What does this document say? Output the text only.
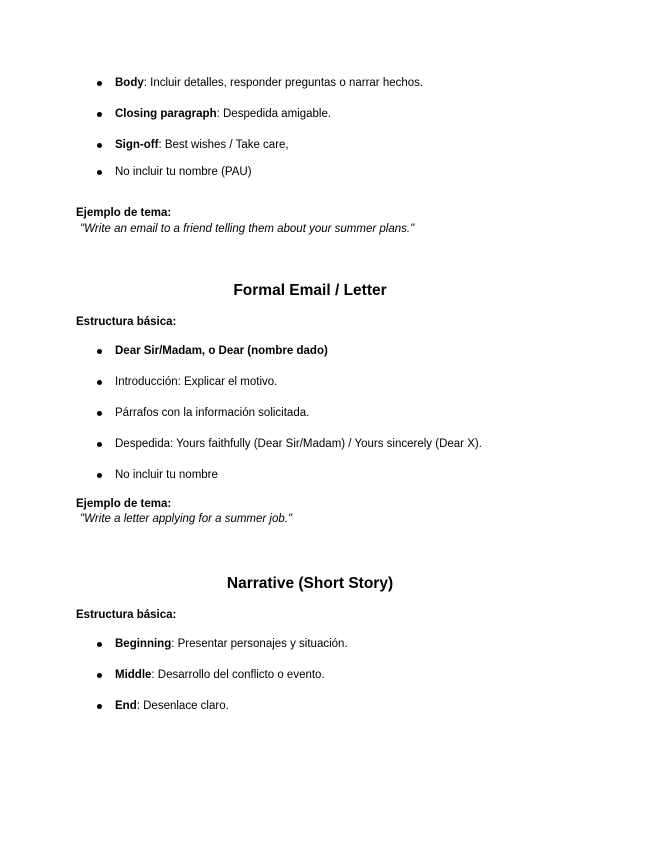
Body: Incluir detalles, responder preguntas o narrar hechos.
Closing paragraph: Despedida amigable.
Sign-off: Best wishes / Take care,
No incluir tu nombre (PAU)
Ejemplo de tema:
"Write an email to a friend telling them about your summer plans."
Formal Email / Letter
Estructura básica:
Dear Sir/Madam, o Dear (nombre dado)
Introducción: Explicar el motivo.
Párrafos con la información solicitada.
Despedida: Yours faithfully (Dear Sir/Madam) / Yours sincerely (Dear X).
No incluir tu nombre
Ejemplo de tema:
"Write a letter applying for a summer job."
Narrative (Short Story)
Estructura básica:
Beginning: Presentar personajes y situación.
Middle: Desarrollo del conflicto o evento.
End: Desenlace claro.
